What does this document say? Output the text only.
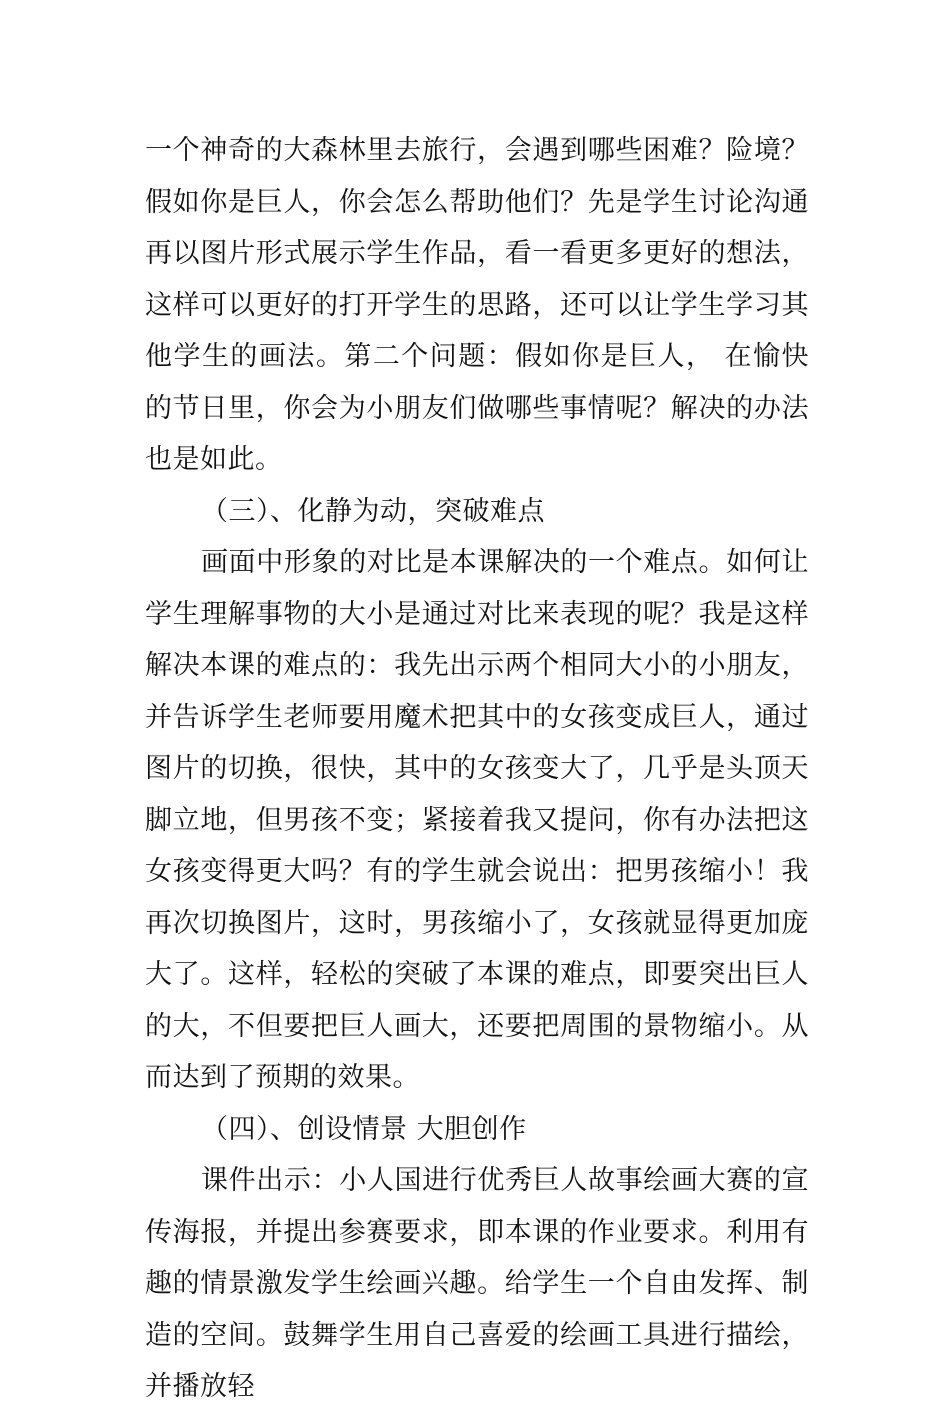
一个神奇的大森林里去旅行，会遇到哪些困难？险境？假如你是巨人，你会怎么帮助他们？先是学生讨论沟通再以图片形式展示学生作品，看一看更多更好的想法，这样可以更好的打开学生的思路，还可以让学生学习其他学生的画法。第二个问题：假如你是巨人， 在愉快的节日里，你会为小朋友们做哪些事情呢？解决的办法也是如此。

（三）、化静为动，突破难点

画面中形象的对比是本课解决的一个难点。如何让学生理解事物的大小是通过对比来表现的呢？我是这样解决本课的难点的：我先出示两个相同大小的小朋友，并告诉学生老师要用魔术把其中的女孩变成巨人，通过图片的切换，很快，其中的女孩变大了，几乎是头顶天脚立地，但男孩不变；紧接着我又提问，你有办法把这女孩变得更大吗？有的学生就会说出：把男孩缩小！我再次切换图片，这时，男孩缩小了，女孩就显得更加庞大了。这样，轻松的突破了本课的难点，即要突出巨人的大，不但要把巨人画大，还要把周围的景物缩小。从而达到了预期的效果。

（四）、创设情景 大胆创作

课件出示：小人国进行优秀巨人故事绘画大赛的宣传海报，并提出参赛要求，即本课的作业要求。利用有趣的情景激发学生绘画兴趣。给学生一个自由发挥、制造的空间。鼓舞学生用自己喜爱的绘画工具进行描绘，并播放轻
